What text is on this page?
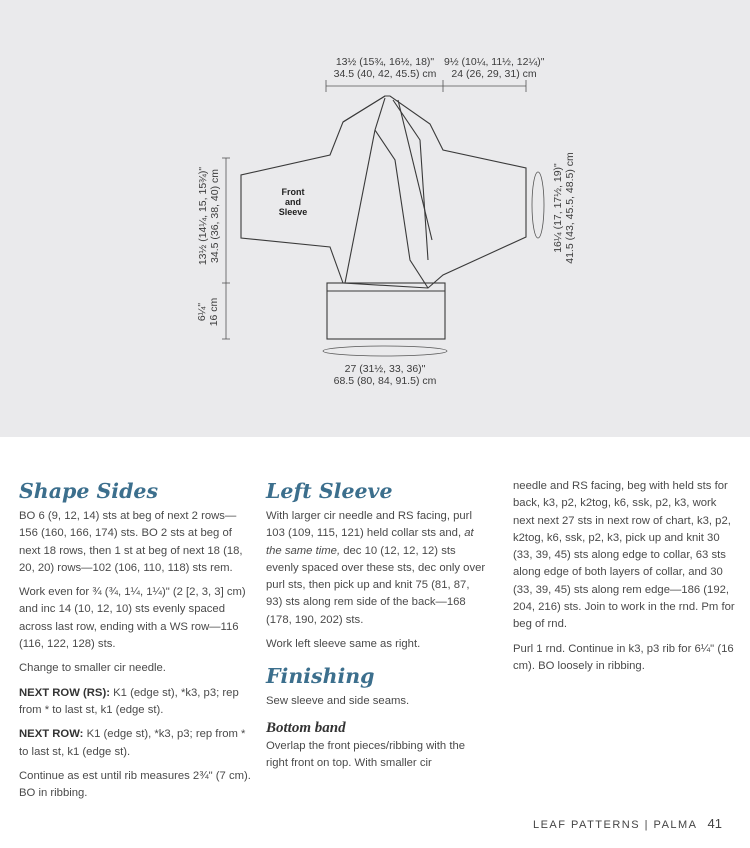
13½ (15¾, 16½, 18)"
34.5 (40, 42, 45.5) cm
9½ (10¼, 11½, 12¼)"
24 (26, 29, 31) cm
13½ (14¼, 15, 15¾)" 34.5 (36, 38, 40) cm
6¼" 16 cm
16¼ (17, 17½, 19)" 41.5 (43, 45.5, 48.5) cm
27 (31½, 33, 36)"
68.5 (80, 84, 91.5) cm
Front
and
Sleeve
Shape Sides

BO 6 (9, 12, 14) sts at beg of next 2 rows—156 (160, 166, 174) sts. BO 2 sts at beg of next 18 rows, then 1 st at beg of next 18 (18, 20, 20) rows—102 (106, 110, 118) sts rem.

Work even for ¾ (¾, 1¼, 1¼)" (2 [2, 3, 3] cm) and inc 14 (10, 12, 10) sts evenly spaced across last row, ending with a WS row—116 (116, 122, 128) sts.

Change to smaller cir needle.

NEXT ROW (RS): K1 (edge st), *k3, p3; rep from * to last st, k1 (edge st).

NEXT ROW: K1 (edge st), *k3, p3; rep from * to last st, k1 (edge st).

Continue as est until rib measures 2¾" (7 cm). BO in ribbing.

Left Sleeve

With larger cir needle and RS facing, purl 103 (109, 115, 121) held collar sts and, at the same time, dec 10 (12, 12, 12) sts evenly spaced over these sts, dec only over purl sts, then pick up and knit 75 (81, 87, 93) sts along rem side of the back—168 (178, 190, 202) sts.

Work left sleeve same as right.

Finishing

Sew sleeve and side seams.

Bottom band

Overlap the front pieces/ribbing with the right front on top. With smaller cir

needle and RS facing, beg with held sts for back, k3, p2, k2tog, k6, ssk, p2, k3, work next next 27 sts in next row of chart, k3, p2, k2tog, k6, ssk, p2, k3, pick up and knit 30 (33, 39, 45) sts along edge to collar, 63 sts along edge of both layers of collar, and 30 (33, 39, 45) sts along rem edge—186 (192, 204, 216) sts. Join to work in the rnd. Pm for beg of rnd.

Purl 1 rnd. Continue in k3, p3 rib for 6¼" (16 cm). BO loosely in ribbing.

LEAF PATTERNS | PALMA 41
